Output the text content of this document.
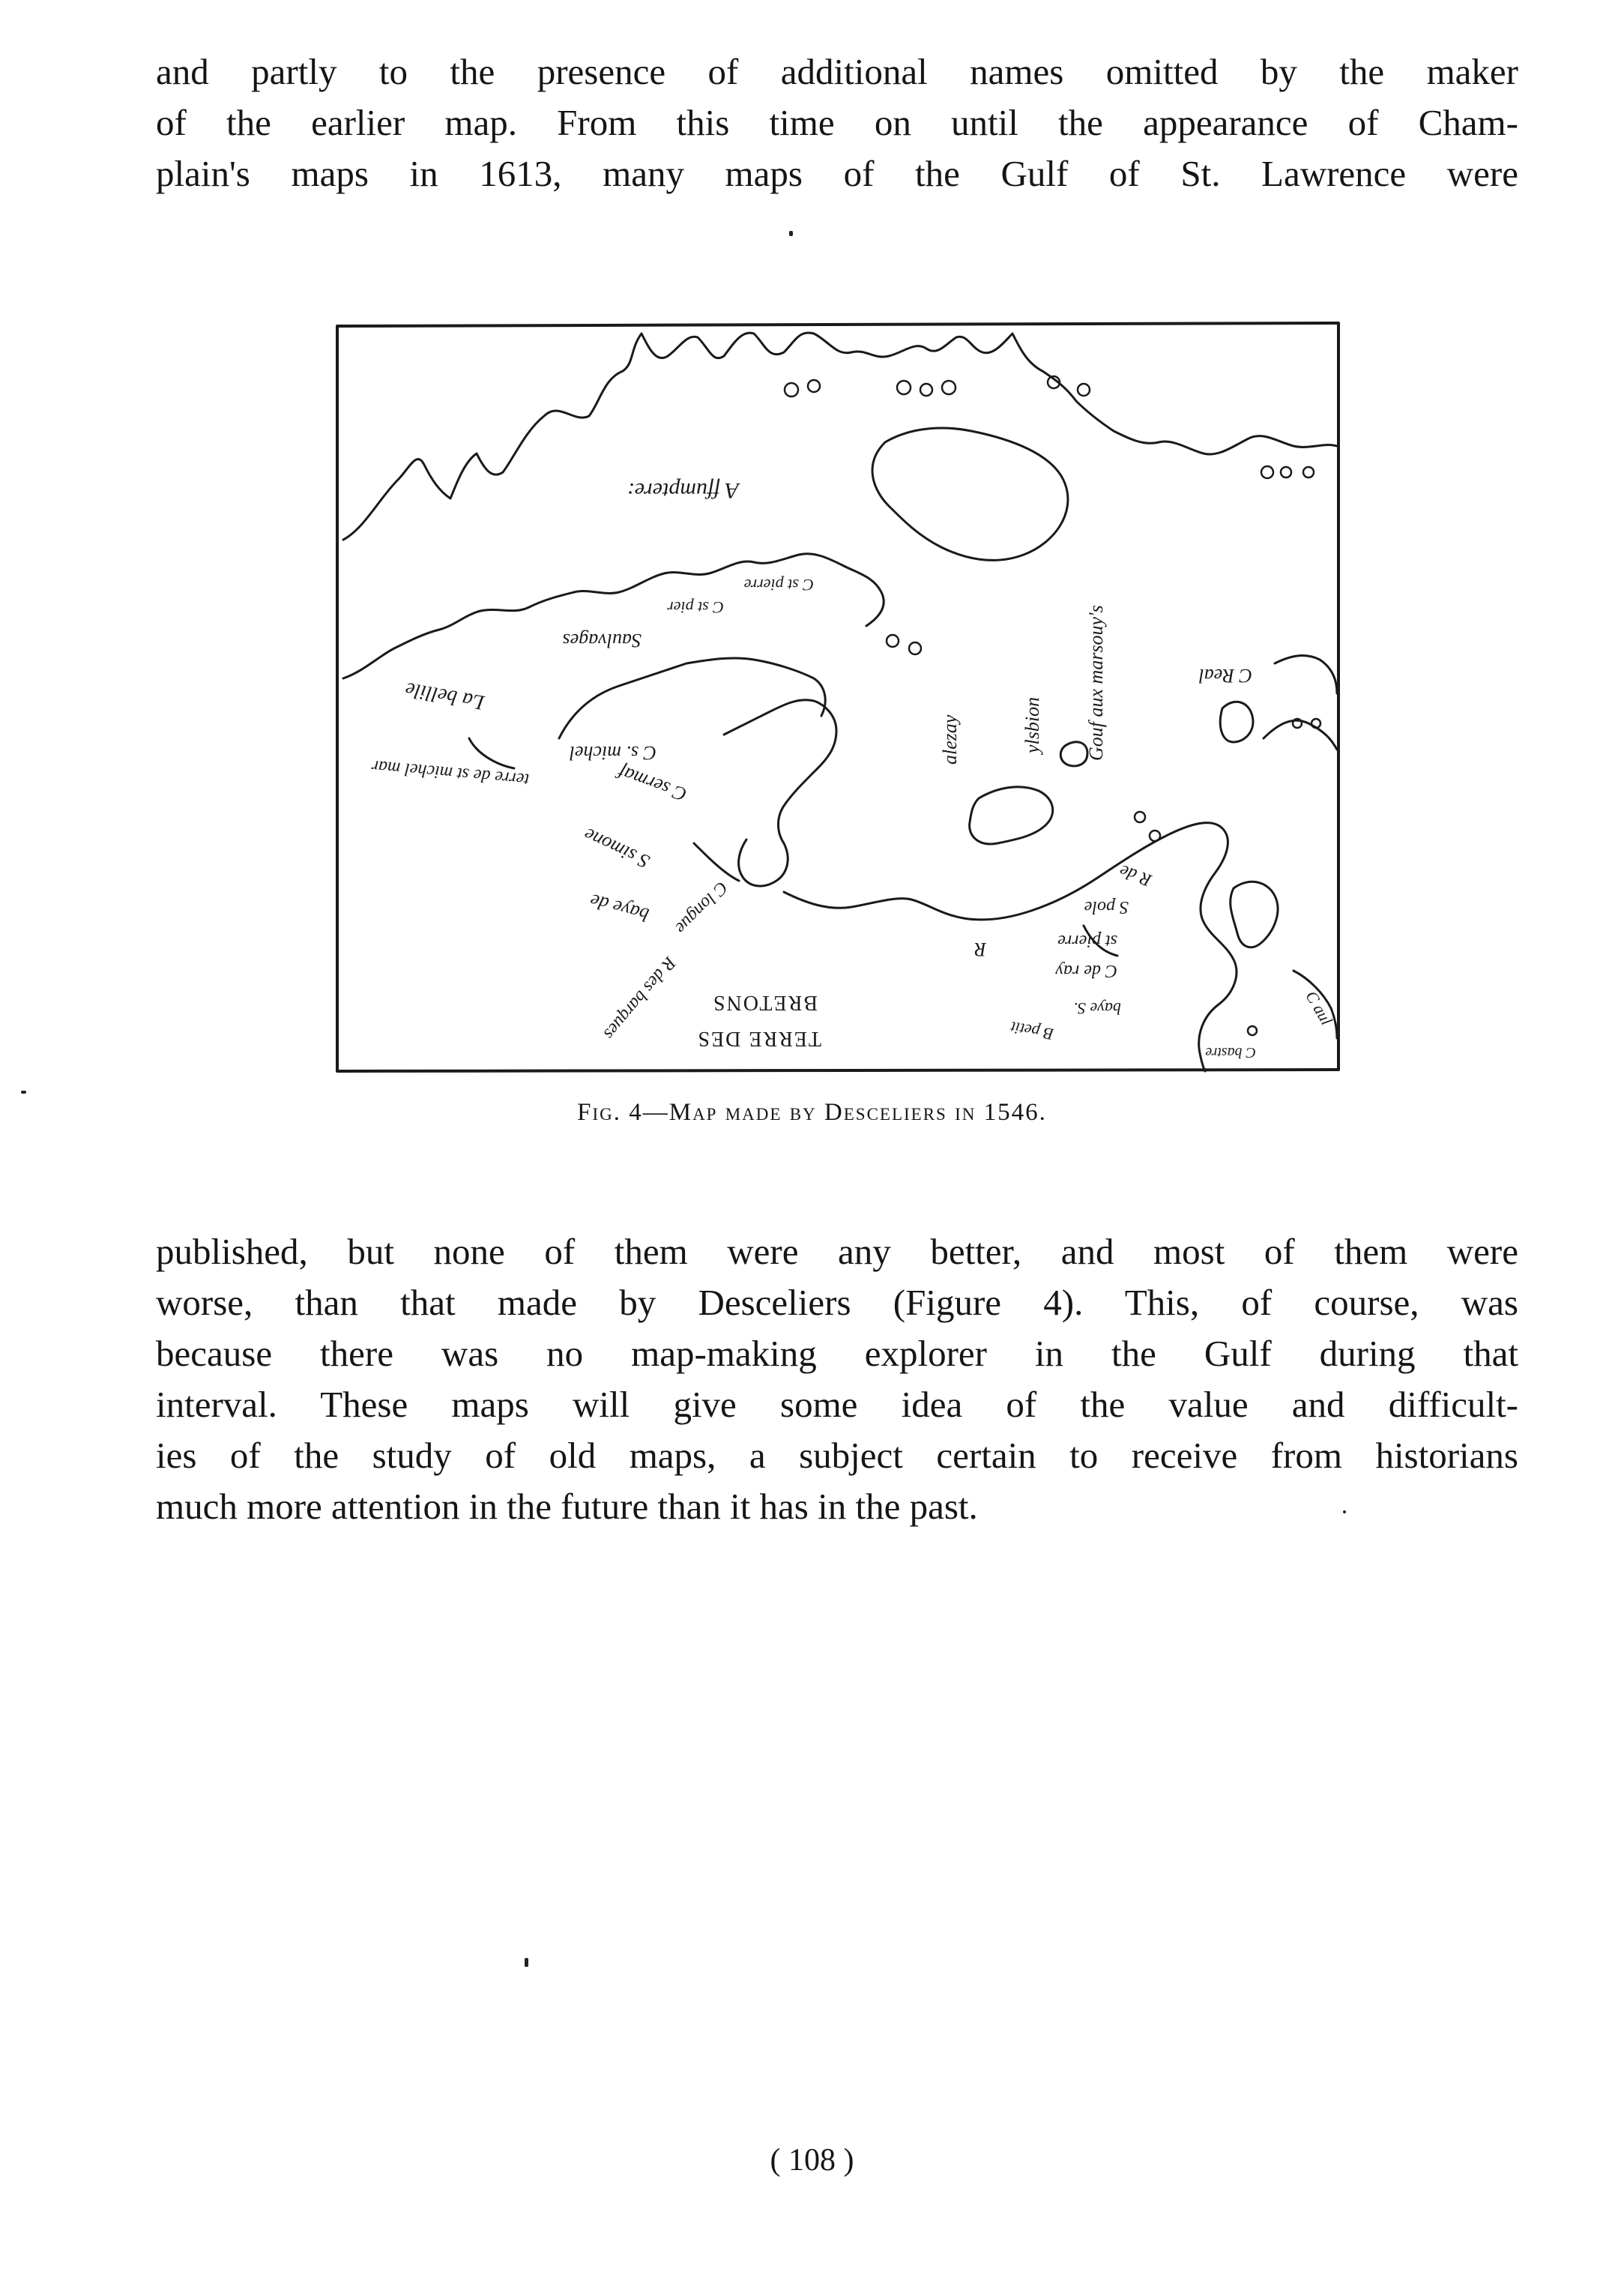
and partly to the presence of additional names omitted by the maker
of the earlier map. From this time on until the appearance of Cham-
plain's maps in 1613, many maps of the Gulf of St. Lawrence were
A ffumptere:
Saulvages
La bellile
C s. michel
terre de st michel mar	C sermaf
S simone
baye de C longue
R des barques BRETONS
TERRE DES
alezay	ylsbion Gouf aux marsouy's	C Real
S pole
st pierre
C de ray
R de
B petit
R
C aul
baye S.
C bastre
C st pier
C st pierre
Fig. 4—Map made by Desceliers in 1546.
published, but none of them were any better, and most of them were
worse, than that made by Desceliers (Figure 4). This, of course, was
because there was no map-making explorer in the Gulf during that
interval. These maps will give some idea of the value and difficult-
ies of the study of old maps, a subject certain to receive from historians
much more attention in the future than it has in the past.
( 108 )
